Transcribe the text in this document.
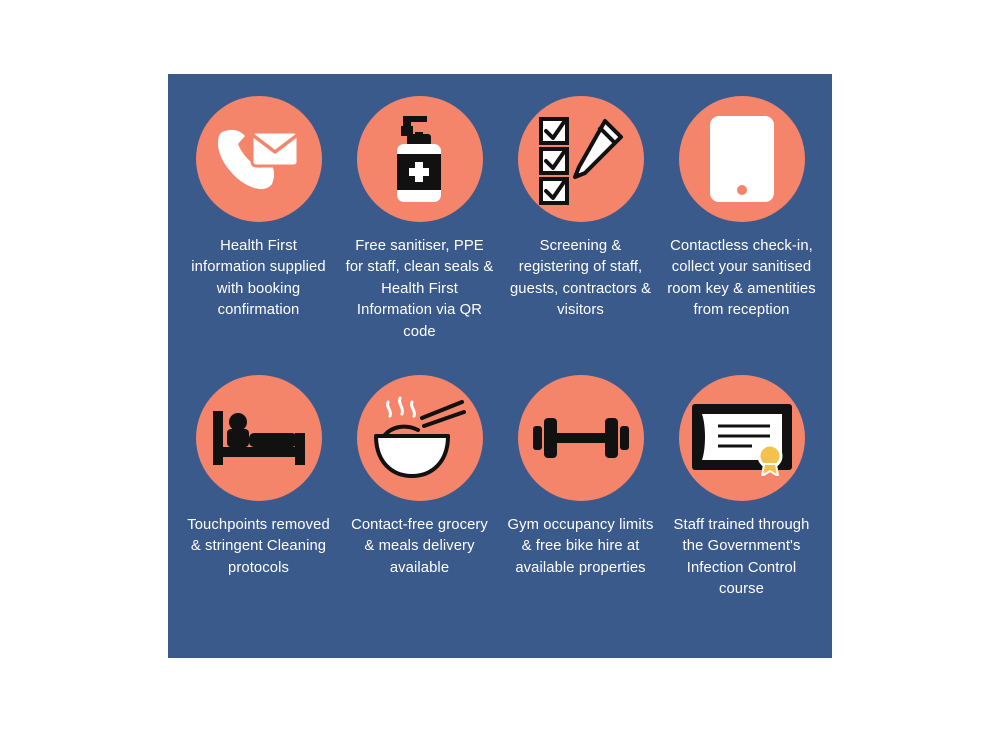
Health First information supplied with booking confirmation
Free sanitiser, PPE for staff, clean seals & Health First Information via QR code
Screening & registering of staff, guests, contractors & visitors
Contactless check-in, collect your sanitised room key & amentities from reception
Touchpoints removed & stringent Cleaning protocols
Contact-free grocery & meals delivery available
Gym occupancy limits & free bike hire at available properties
Staff trained through the Government's Infection Control course
